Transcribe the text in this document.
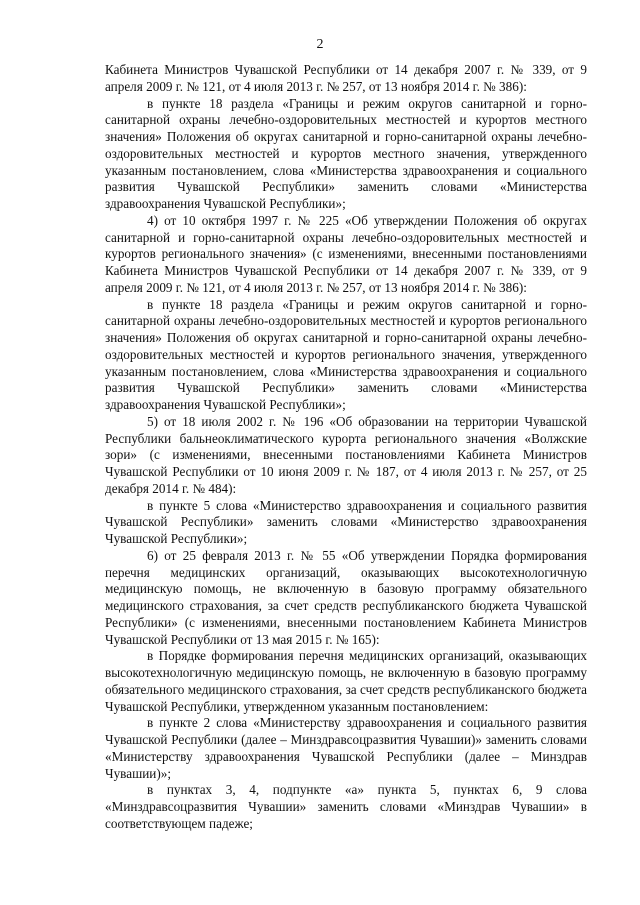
2

Кабинета Министров Чувашской Республики от 14 декабря 2007 г. № 339, от 9 апреля 2009 г. № 121, от 4 июля 2013 г. № 257, от 13 ноября 2014 г. № 386):

в пункте 18 раздела «Границы и режим округов санитарной и горно-санитарной охраны лечебно-оздоровительных местностей и курортов местного значения» Положения об округах санитарной и горно-санитарной охраны лечебно-оздоровительных местностей и курортов местного значения, утвержденного указанным постановлением, слова «Министерства здравоохранения и социального развития Чувашской Республики» заменить словами «Министерства здравоохранения Чувашской Республики»;

4) от 10 октября 1997 г. № 225 «Об утверждении Положения об округах санитарной и горно-санитарной охраны лечебно-оздоровительных местностей и курортов регионального значения» (с изменениями, внесенными постановлениями Кабинета Министров Чувашской Республики от 14 декабря 2007 г. № 339, от 9 апреля 2009 г. № 121, от 4 июля 2013 г. № 257, от 13 ноября 2014 г. № 386):

в пункте 18 раздела «Границы и режим округов санитарной и горно-санитарной охраны лечебно-оздоровительных местностей и курортов регионального значения» Положения об округах санитарной и горно-санитарной охраны лечебно-оздоровительных местностей и курортов регионального значения, утвержденного указанным постановлением, слова «Министерства здравоохранения и социального развития Чувашской Республики» заменить словами «Министерства здравоохранения Чувашской Республики»;

5) от 18 июля 2002 г. № 196 «Об образовании на территории Чувашской Республики бальнеоклиматического курорта регионального значения «Волжские зори» (с изменениями, внесенными постановлениями Кабинета Министров Чувашской Республики от 10 июня 2009 г. № 187, от 4 июля 2013 г. № 257, от 25 декабря 2014 г. № 484):

в пункте 5 слова «Министерство здравоохранения и социального развития Чувашской Республики» заменить словами «Министерство здравоохранения Чувашской Республики»;

6) от 25 февраля 2013 г. № 55 «Об утверждении Порядка формирования перечня медицинских организаций, оказывающих высокотехнологичную медицинскую помощь, не включенную в базовую программу обязательного медицинского страхования, за счет средств республиканского бюджета Чувашской Республики» (с изменениями, внесенными постановлением Кабинета Министров Чувашской Республики от 13 мая 2015 г. № 165):

в Порядке формирования перечня медицинских организаций, оказывающих высокотехнологичную медицинскую помощь, не включенную в базовую программу обязательного медицинского страхования, за счет средств республиканского бюджета Чувашской Республики, утвержденном указанным постановлением:

в пункте 2 слова «Министерству здравоохранения и социального развития Чувашской Республики (далее – Минздравсоцразвития Чувашии)» заменить словами «Министерству здравоохранения Чувашской Республики (далее – Минздрав Чувашии)»;

в пунктах 3, 4, подпункте «а» пункта 5, пунктах 6, 9 слова «Минздравсоцразвития Чувашии» заменить словами «Минздрав Чувашии» в соответствующем падеже;
